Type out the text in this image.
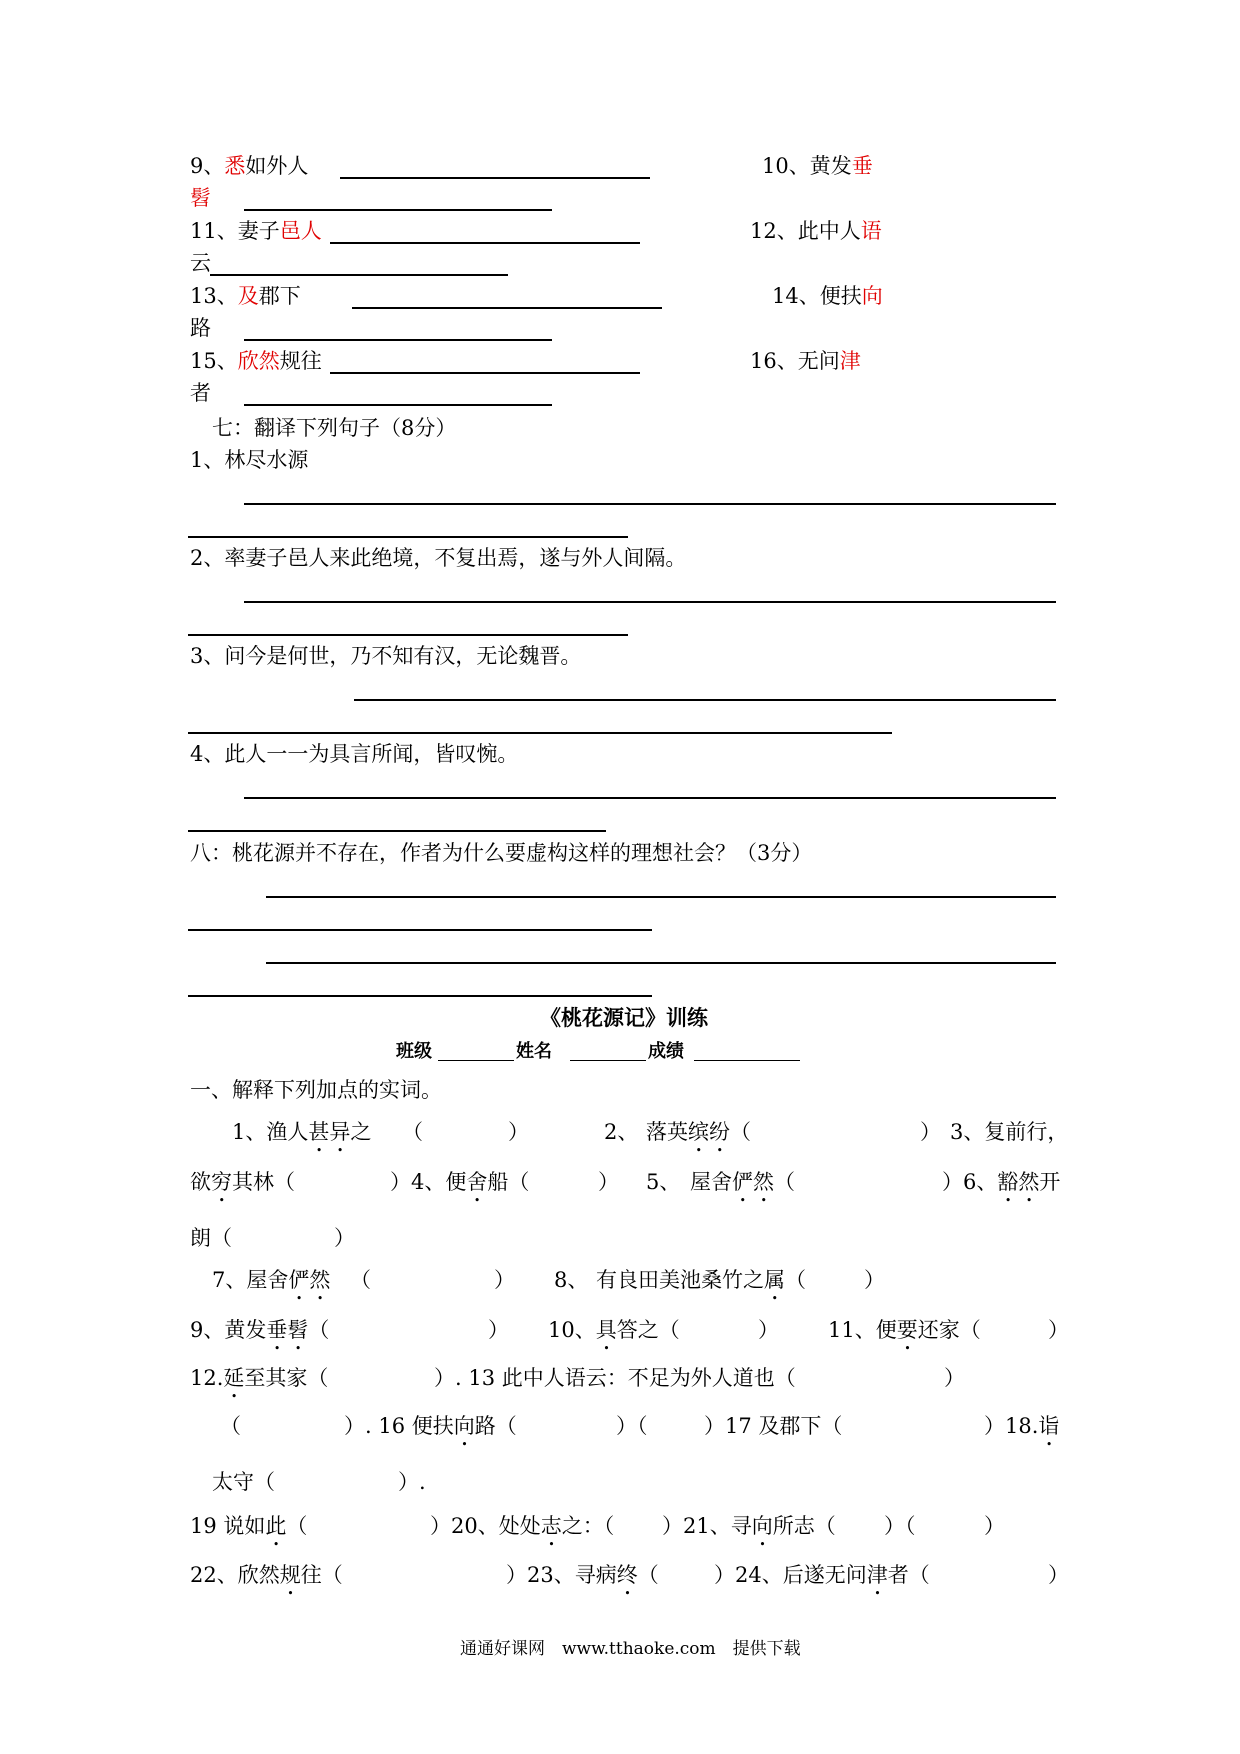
9、悉如外人	10、黄发垂
髫
11、妻子邑人	12、此中人语
云
13、及郡下	14、便扶向
路
15、欣然规往	16、无问津
者
七：翻译下列句子（8分）
1、林尽水源
2、率妻子邑人来此绝境，不复出焉，遂与外人间隔。
3、问今是何世，乃不知有汉，无论魏晋。
4、此人一一为具言所闻，皆叹惋。
八：桃花源并不存在，作者为什么要虚构这样的理想社会？（3分）
《桃花源记》训练
班级	姓名	成绩
一、解释下列加点的实词。
1、渔人甚异之 （	）	2、 落英缤纷（	） 3、复前行，
欲穷其林（	）4、便舍船（	） 5、 屋舍俨然（	）6、豁然开
朗（	）
7、屋舍俨然 （	） 8、 有良田美池桑竹之属（	）
9、黄发垂髫（	） 10、具答之（	） 11、便要还家（	）
12.延至其家（	）. 13 此中人语云：不足为外人道也（	）
（	）. 16 便扶向路（	）（	）17 及郡下（	）18.诣
太守（	）.
19 说如此（	）20、处处志之：（ ）21、寻向所志（ ）（	）
22、欣然规往（	）23、寻病终（	）24、后遂无问津者（	）
通通好课网　www.tthaoke.com　提供下载
